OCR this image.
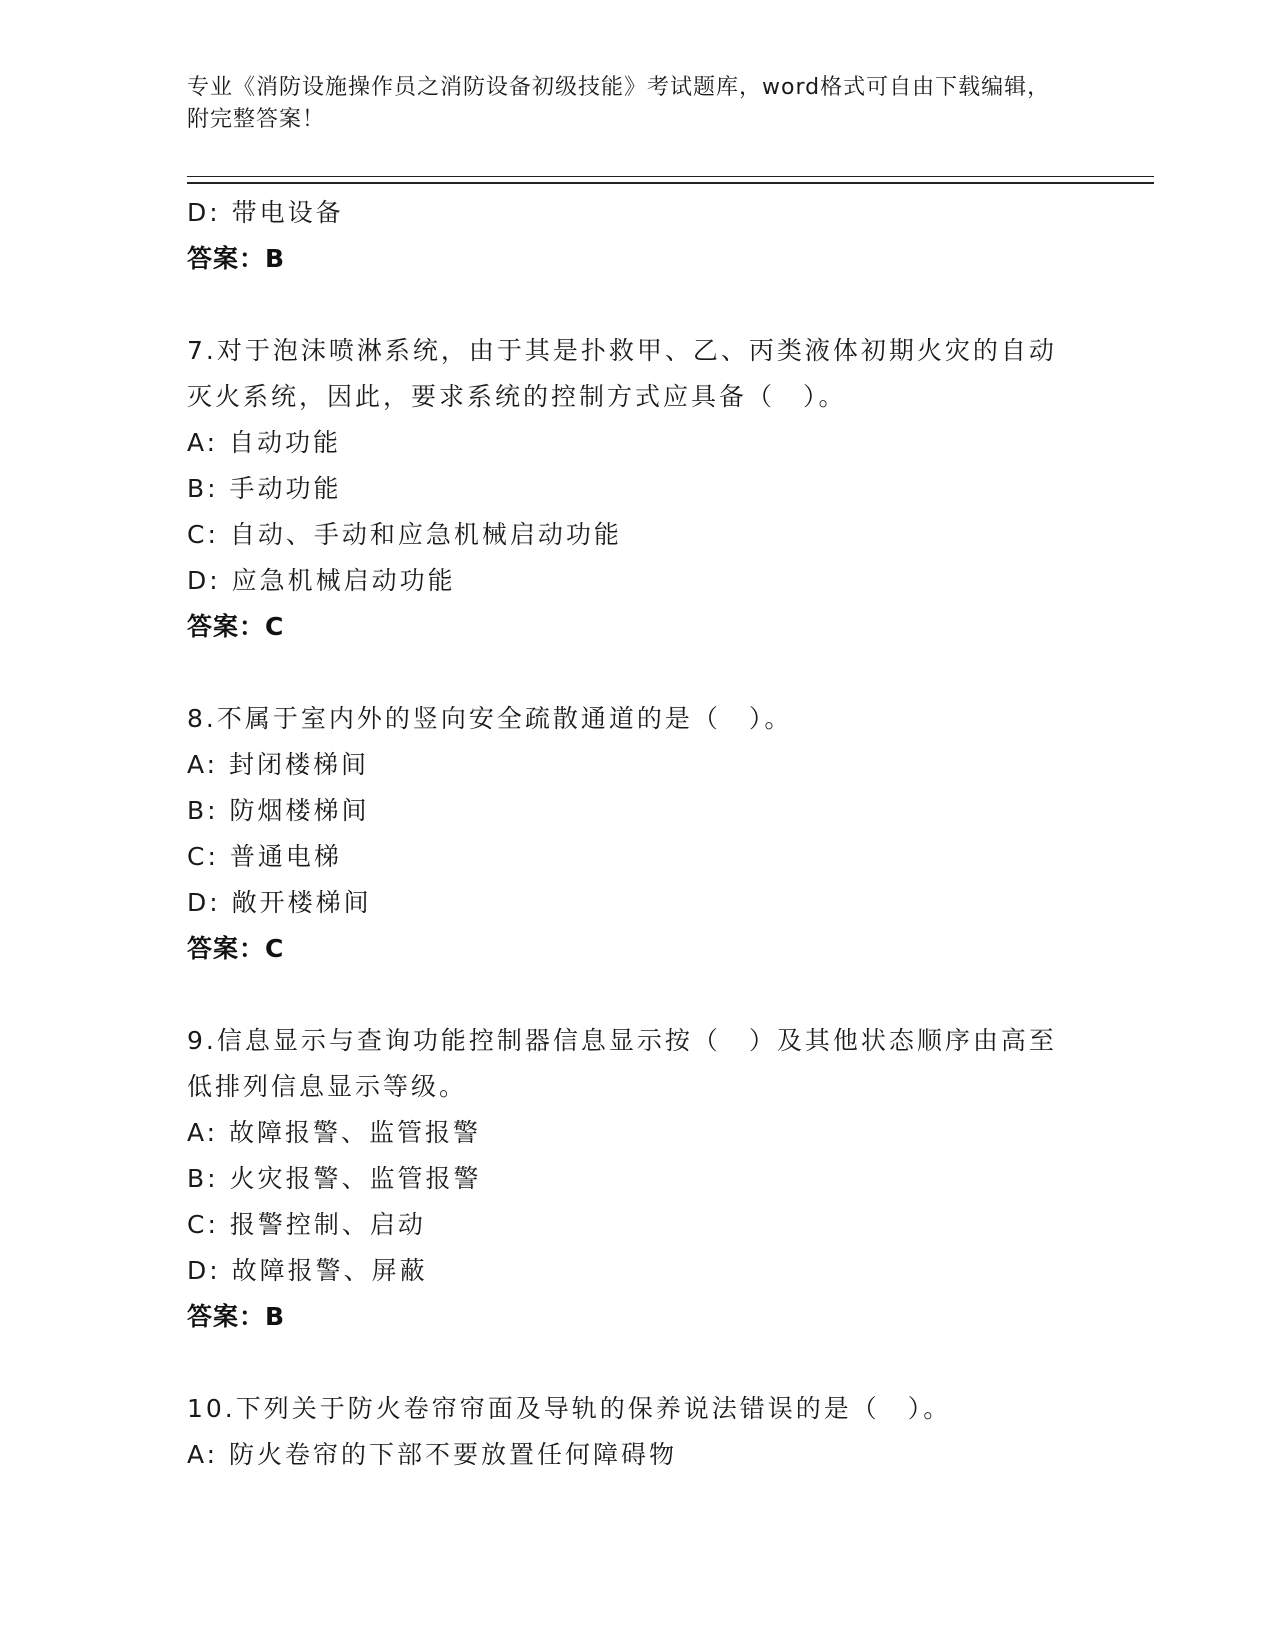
专业《消防设施操作员之消防设备初级技能》考试题库，word格式可自由下载编辑，附完整答案！
D: 带电设备
答案：B
7.对于泡沫喷淋系统，由于其是扑救甲、乙、丙类液体初期火灾的自动灭火系统，因此，要求系统的控制方式应具备（　）。
A: 自动功能
B: 手动功能
C: 自动、手动和应急机械启动功能
D: 应急机械启动功能
答案：C
8.不属于室内外的竖向安全疏散通道的是（　）。
A: 封闭楼梯间
B: 防烟楼梯间
C: 普通电梯
D: 敞开楼梯间
答案：C
9.信息显示与查询功能控制器信息显示按（　）及其他状态顺序由高至低排列信息显示等级。
A: 故障报警、监管报警
B: 火灾报警、监管报警
C: 报警控制、启动
D: 故障报警、屏蔽
答案：B
10.下列关于防火卷帘帘面及导轨的保养说法错误的是（　）。
A: 防火卷帘的下部不要放置任何障碍物
